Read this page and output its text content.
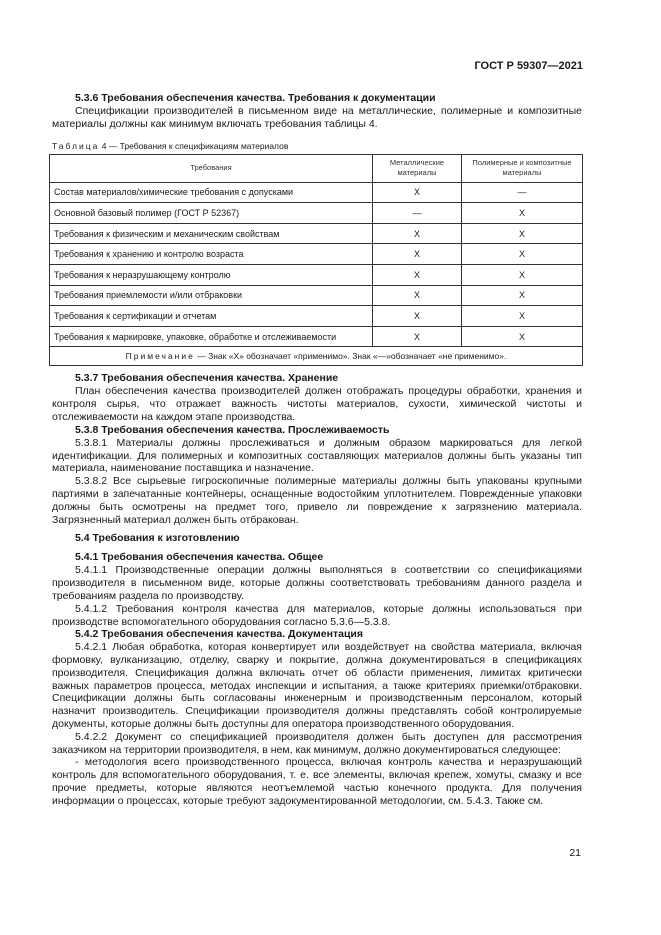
ГОСТ Р 59307—2021

5.3.6 Требования обеспечения качества. Требования к документации

Спецификации производителей в письменном виде на металлические, полимерные и композитные материалы должны как минимум включать требования таблицы 4.

Таблица 4 — Требования к спецификациям материалов
Требования	Металлические материалы	Полимерные и композитные материалы
Состав материалов/химические требования с допусками	X	—
Основной базовый полимер (ГОСТ Р 52367)	—	X
Требования к физическим и механическим свойствам	X	X
Требования к хранению и контролю возраста	X	X
Требования к неразрушающему контролю	X	X
Требования приемлемости и/или отбраковки	X	X
Требования к сертификации и отчетам	X	X
Требования к маркировке, упаковке, обработке и отслеживаемости	X	X
Примечание — Знак «X» обозначает «применимо». Знак «—»обозначает «не применимо».		

5.3.7 Требования обеспечения качества. Хранение

План обеспечения качества производителей должен отображать процедуры обработки, хранения и контроля сырья, что отражает важность чистоты материалов, сухости, химической чистоты и отслеживаемости на каждом этапе производства.

5.3.8 Требования обеспечения качества. Прослеживаемость

5.3.8.1 Материалы должны прослеживаться и должным образом маркироваться для легкой идентификации. Для полимерных и композитных составляющих материалов должны быть указаны тип материала, наименование поставщика и назначение.

5.3.8.2 Все сырьевые гигроскопичные полимерные материалы должны быть упакованы крупными партиями в запечатанные контейнеры, оснащенные водостойким уплотнителем. Поврежденные упаковки должны быть осмотрены на предмет того, привело ли повреждение к загрязнению материала. Загрязненный материал должен быть отбракован.

5.4 Требования к изготовлению

5.4.1 Требования обеспечения качества. Общее

5.4.1.1 Производственные операции должны выполняться в соответствии со спецификациями производителя в письменном виде, которые должны соответствовать требованиям данного раздела и требованиям раздела по производству.

5.4.1.2 Требования контроля качества для материалов, которые должны использоваться при производстве вспомогательного оборудования согласно 5.3.6—5.3.8.

5.4.2 Требования обеспечения качества. Документация

5.4.2.1 Любая обработка, которая конвертирует или воздействует на свойства материала, включая формовку, вулканизацию, отделку, сварку и покрытие, должна документироваться в спецификациях производителя. Спецификация должна включать отчет об области применения, лимитах критически важных параметров процесса, методах инспекции и испытания, а также критериях приемки/отбраковки. Спецификации должны быть согласованы инженерным и производственным персоналом, который назначит производитель. Спецификации производителя должны представлять собой контролируемые документы, которые должны быть доступны для оператора производственного оборудования.

5.4.2.2 Документ со спецификацией производителя должен быть доступен для рассмотрения заказчиком на территории производителя, в нем, как минимум, должно документироваться следующее:

- методология всего производственного процесса, включая контроль качества и неразрушающий контроль для вспомогательного оборудования, т. е. все элементы, включая крепеж, хомуты, смазку и все прочие предметы, которые являются неотъемлемой частью конечного продукта. Для получения информации о процессах, которые требуют задокументированной методологии, см. 5.4.3. Также см.

21
